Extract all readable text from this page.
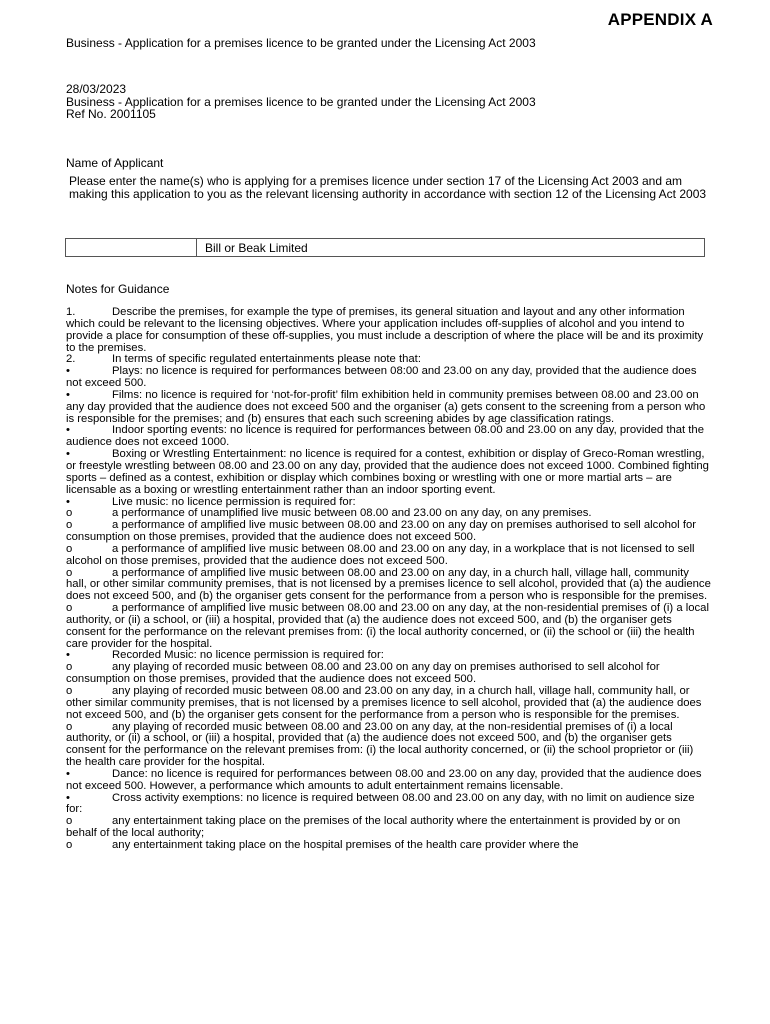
APPENDIX A
Business - Application for a premises licence to be granted under the Licensing Act 2003
28/03/2023
Business - Application for a premises licence to be granted under the Licensing Act 2003
Ref No. 2001105
Name of Applicant
Please enter the name(s) who is applying for a premises licence under section 17 of the Licensing Act 2003 and am making this application to you as the relevant licensing authority in accordance with section 12 of the Licensing Act 2003
Bill or Beak Limited
Notes for Guidance

1.	Describe the premises, for example the type of premises, its general situation and layout and any other information which could be relevant to the licensing objectives. Where your application includes off-supplies of alcohol and you intend to provide a place for consumption of these off-supplies, you must include a description of where the place will be and its proximity to the premises.

2.	In terms of specific regulated entertainments please note that:

•	Plays: no licence is required for performances between 08:00 and 23.00 on any day, provided that the audience does not exceed 500.

•	Films: no licence is required for ‘not-for-profit’ film exhibition held in community premises between 08.00 and 23.00 on any day provided that the audience does not exceed 500 and the organiser (a) gets consent to the screening from a person who is responsible for the premises; and (b) ensures that each such screening abides by age classification ratings.

•	Indoor sporting events: no licence is required for performances between 08.00 and 23.00 on any day, provided that the audience does not exceed 1000.

•	Boxing or Wrestling Entertainment: no licence is required for a contest, exhibition or display of Greco-Roman wrestling, or freestyle wrestling between 08.00 and 23.00 on any day, provided that the audience does not exceed 1000. Combined fighting sports – defined as a contest, exhibition or display which combines boxing or wrestling with one or more martial arts – are licensable as a boxing or wrestling entertainment rather than an indoor sporting event.

•	Live music: no licence permission is required for:

o	a performance of unamplified live music between 08.00 and 23.00 on any day, on any premises.

o	a performance of amplified live music between 08.00 and 23.00 on any day on premises authorised to sell alcohol for consumption on those premises, provided that the audience does not exceed 500.

o	a performance of amplified live music between 08.00 and 23.00 on any day, in a workplace that is not licensed to sell alcohol on those premises, provided that the audience does not exceed 500.

o	a performance of amplified live music between 08.00 and 23.00 on any day, in a church hall, village hall, community hall, or other similar community premises, that is not licensed by a premises licence to sell alcohol, provided that (a) the audience does not exceed 500, and (b) the organiser gets consent for the performance from a person who is responsible for the premises.

o	a performance of amplified live music between 08.00 and 23.00 on any day, at the non-residential premises of (i) a local authority, or (ii) a school, or (iii) a hospital, provided that (a) the audience does not exceed 500, and (b) the organiser gets consent for the performance on the relevant premises from: (i) the local authority concerned, or (ii) the school or (iii) the health care provider for the hospital.

•	Recorded Music: no licence permission is required for:

o	any playing of recorded music between 08.00 and 23.00 on any day on premises authorised to sell alcohol for consumption on those premises, provided that the audience does not exceed 500.

o	any playing of recorded music between 08.00 and 23.00 on any day, in a church hall, village hall, community hall, or other similar community premises, that is not licensed by a premises licence to sell alcohol, provided that (a) the audience does not exceed 500, and (b) the organiser gets consent for the performance from a person who is responsible for the premises.

o	any playing of recorded music between 08.00 and 23.00 on any day, at the non-residential premises of (i) a local authority, or (ii) a school, or (iii) a hospital, provided that (a) the audience does not exceed 500, and (b) the organiser gets consent for the performance on the relevant premises from: (i) the local authority concerned, or (ii) the school proprietor or (iii) the health care provider for the hospital.

•	Dance: no licence is required for performances between 08.00 and 23.00 on any day, provided that the audience does not exceed 500. However, a performance which amounts to adult entertainment remains licensable.

•	Cross activity exemptions: no licence is required between 08.00 and 23.00 on any day, with no limit on audience size for:

o	any entertainment taking place on the premises of the local authority where the entertainment is provided by or on behalf of the local authority;

o	any entertainment taking place on the hospital premises of the health care provider where the
